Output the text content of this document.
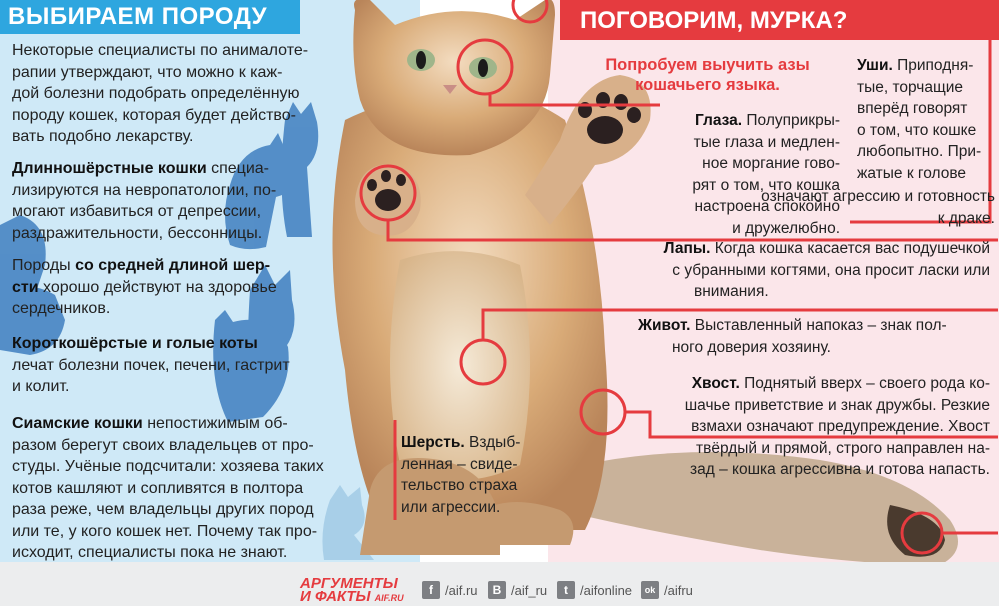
ВЫБИРАЕМ ПОРОДУ	ПОГОВОРИМ, МУРКА?

Некоторые специалисты по анималоте-

рапии утверждают, что можно к каж-

дой болезни подобрать определённую

породу кошек, которая будет действо-

вать подобно лекарству.

Длинношёрстные кошки специа-

лизируются на невропатологии, по-

могают избавиться от депрессии,

раздражительности, бессонницы.

Породы со средней длиной шер-

сти хорошо действуют на здоровье

сердечников.

Короткошёрстые и голые коты

лечат болезни почек, печени, гастрит

и колит.

Сиамские кошки непостижимым об-

разом берегут своих владельцев от про-

студы. Учёные подсчитали: хозяева таких

котов кашляют и сопливятся в полтора

раза реже, чем владельцы других пород

или те, у кого кошек нет. Почему так про-

исходит, специалисты пока не знают.

Попробуем выучить азы кошачьего языка.

Уши. Приподня-

тые, торчащие

вперёд говорят

о том, что кошке

любопытно. При-

жатые к голове

означают агрессию и готовность

к драке.

Глаза. Полуприкры-

тые глаза и медлен-

ное моргание гово-

рят о том, что кошка

настроена спокойно

и дружелюбно.

Лапы. Когда кошка касается вас подушечкой

с убранными когтями, она просит ласки или

внимания.

Живот. Выставленный напоказ – знак пол-

ного доверия хозяину.

Хвост. Поднятый вверх – своего рода ко-

шачье приветствие и знак дружбы. Резкие

взмахи означают предупреждение. Хвост

твёрдый и прямой, строго направлен на-

зад – кошка агрессивна и готова напасть.

Шерсть. Вздыб-

ленная – свиде-

тельство страха

или агрессии.

АРГУМЕНТЫ
И ФАКТЫ AIF.RU
f /aif.ru	B /aif_ru	t /aifonline	ok /aifru
